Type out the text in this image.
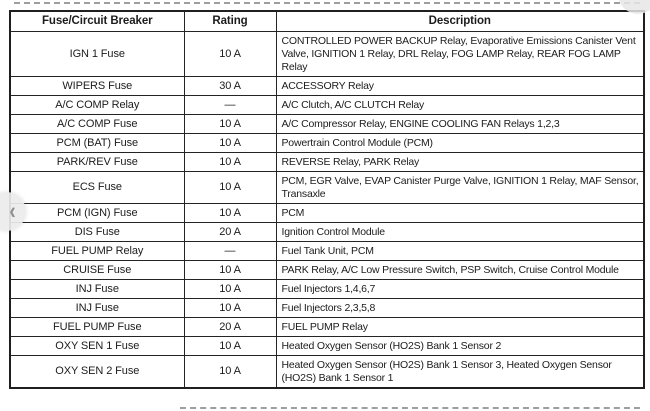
Fuse/Circuit Breaker	Rating	Description
IGN 1 Fuse	10 A	CONTROLLED POWER BACKUP Relay, Evaporative Emissions Canister Vent Valve, IGNITION 1 Relay, DRL Relay, FOG LAMP Relay, REAR FOG LAMP Relay
WIPERS Fuse	30 A	ACCESSORY Relay
A/C COMP Relay	—	A/C Clutch, A/C CLUTCH Relay
A/C COMP Fuse	10 A	A/C Compressor Relay, ENGINE COOLING FAN Relays 1,2,3
PCM (BAT) Fuse	10 A	Powertrain Control Module (PCM)
PARK/REV Fuse	10 A	REVERSE Relay, PARK Relay
ECS Fuse	10 A	PCM, EGR Valve, EVAP Canister Purge Valve, IGNITION 1 Relay, MAF Sensor, Transaxle
PCM (IGN) Fuse	10 A	PCM
DIS Fuse	20 A	Ignition Control Module
FUEL PUMP Relay	—	Fuel Tank Unit, PCM
CRUISE Fuse	10 A	PARK Relay, A/C Low Pressure Switch, PSP Switch, Cruise Control Module
INJ Fuse	10 A	Fuel Injectors 1,4,6,7
INJ Fuse	10 A	Fuel Injectors 2,3,5,8
FUEL PUMP Fuse	20 A	FUEL PUMP Relay
OXY SEN 1 Fuse	10 A	Heated Oxygen Sensor (HO2S) Bank 1 Sensor 2
OXY SEN 2 Fuse	10 A	Heated Oxygen Sensor (HO2S) Bank 1 Sensor 3, Heated Oxygen Sensor (HO2S) Bank 1 Sensor 1
‹
